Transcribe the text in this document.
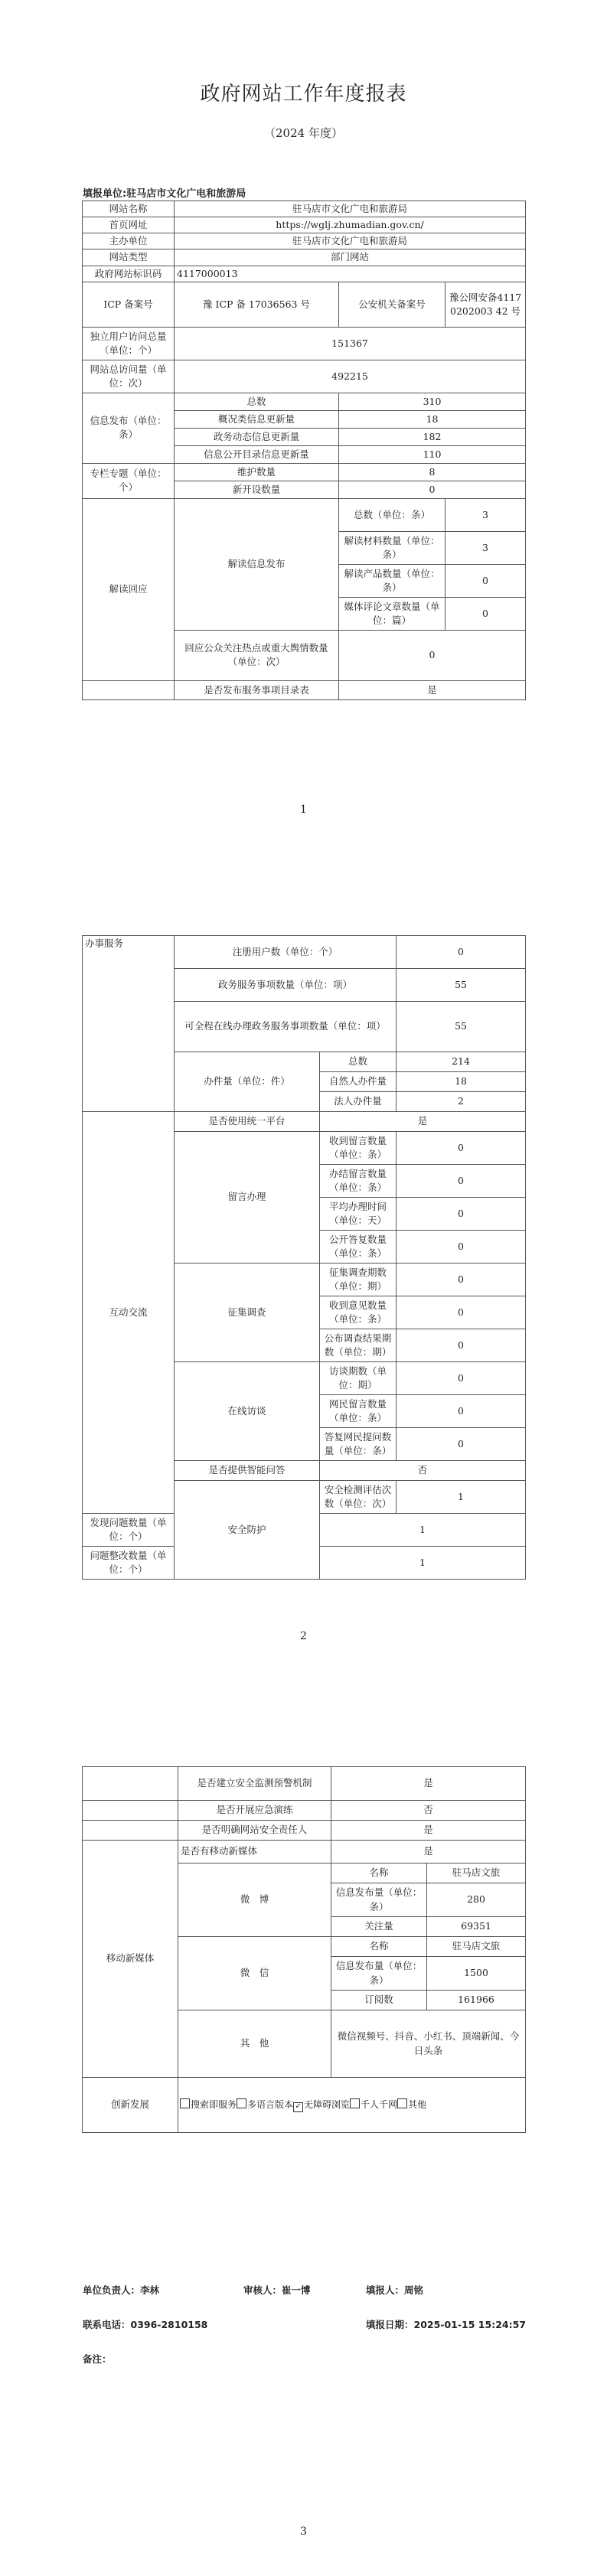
政府网站工作年度报表
（2024 年度）
填报单位:驻马店市文化广电和旅游局
网站名称	驻马店市文化广电和旅游局		
首页网址	https://wglj.zhumadian.gov.cn/		
主办单位	驻马店市文化广电和旅游局		
网站类型	部门网站		
政府网站标识码	4117000013		
ICP 备案号	豫 ICP 备 17036563 号	公安机关备案号	豫公网安备41170202003 42 号
独立用户访问总量（单位：个）	151367		
网站总访问量（单位：次）	492215		
信息发布（单位：条）	总数	310	
	概况类信息更新量	18	
	政务动态信息更新量	182	
	信息公开目录信息更新量	110	
专栏专题（单位：个）	维护数量	8	
	新开设数量	0	
解读回应	解读信息发布	总数（单位：条）	3
		解读材料数量（单位：条）	3
		解读产品数量（单位：条）	0
		媒体评论文章数量（单位：篇）	0
	回应公众关注热点或重大舆情数量（单位：次）	0	
	是否发布服务事项目录表	是	
1
办事服务	注册用户数（单位：个）		0
	政务服务事项数量（单位：项）		55
	可全程在线办理政务服务事项数量（单位：项）		55
	办件量（单位：件）	总数	214
		自然人办件量	18
		法人办件量	2
互动交流	是否使用统一平台	是	
	留言办理	收到留言数量（单位：条）	0
		办结留言数量（单位：条）	0
		平均办理时间（单位：天）	0
		公开答复数量（单位：条）	0
	征集调查	征集调查期数（单位：期）	0
		收到意见数量（单位：条）	0
		公布调查结果期数（单位：期）	0
	在线访谈	访谈期数（单位：期）	0
		网民留言数量（单位：条）	0
		答复网民提问数量（单位：条）	0
	是否提供智能问答	否	
	安全防护	安全检测评估次数（单位：次）	1
发现问题数量（单位：个）		1	
问题整改数量（单位：个）		1	
2
	是否建立安全监测预警机制	是	
	是否开展应急演练	否	
	是否明确网站安全责任人	是	
移动新媒体	是否有移动新媒体	是	
	微　博	名称	驻马店文旅
		信息发布量（单位：条）	280
		关注量	69351
	微　信	名称	驻马店文旅
		信息发布量（单位：条）	1500
		订阅数	161966
	其　他	微信视频号、抖音、小红书、顶端新闻、今日头条	
创新发展	搜索即服务 多语言版本 ✓ 无障碍浏览 千人千网 其他		
单位负责人：李林	审核人：崔一博	填报人：周铭
联系电话：0396-2810158	填报日期：2025-01-15 15:24:57
备注：
3
